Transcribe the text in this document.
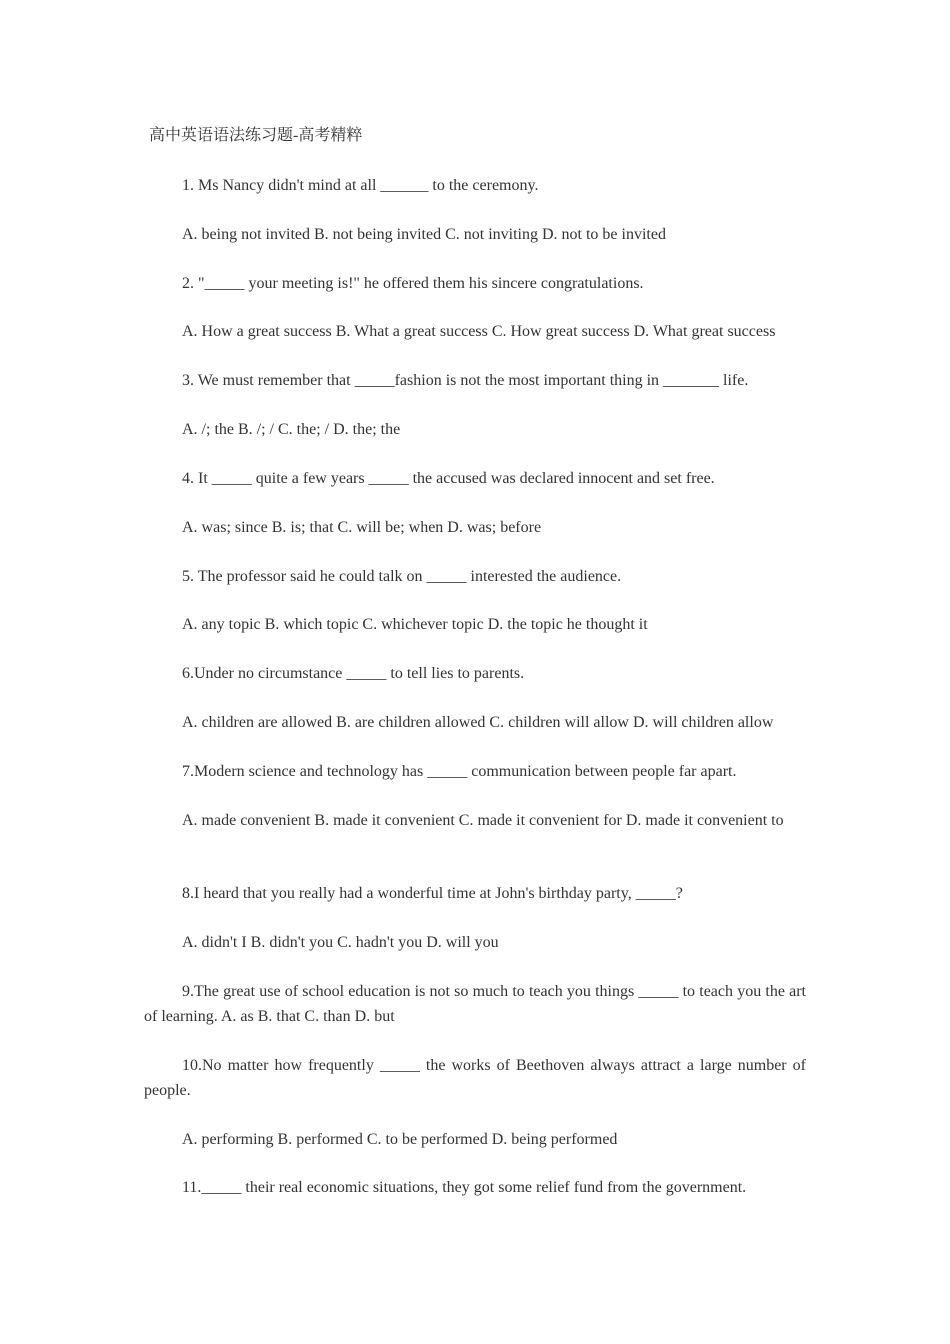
高中英语语法练习题-高考精粹

1. Ms Nancy didn't mind at all ______ to the ceremony.

A. being not invited B. not being invited C. not inviting D. not to be invited

2. "_____ your meeting is!" he offered them his sincere congratulations.

A. How a great success B. What a great success C. How great success D. What great success

3. We must remember that _____fashion is not the most important thing in _______ life.

A. /; the B. /; / C. the; / D. the; the

4. It _____ quite a few years _____ the accused was declared innocent and set free.

A. was; since B. is; that C. will be; when D. was; before

5. The professor said he could talk on _____ interested the audience.

A. any topic B. which topic C. whichever topic D. the topic he thought it

6.Under no circumstance _____ to tell lies to parents.

A. children are allowed B. are children allowed C. children will allow D. will children allow

7.Modern science and technology has _____ communication between people far apart.

A. made convenient B. made it convenient C. made it convenient for D. made it convenient to

8.I heard that you really had a wonderful time at John's birthday party, _____?

A. didn't I B. didn't you C. hadn't you D. will you

9.The great use of school education is not so much to teach you things _____ to teach you the art of learning. A. as B. that C. than D. but

10.No matter how frequently _____ the works of Beethoven always attract a large number of people.

A. performing B. performed C. to be performed D. being performed

11._____ their real economic situations, they got some relief fund from the government.
